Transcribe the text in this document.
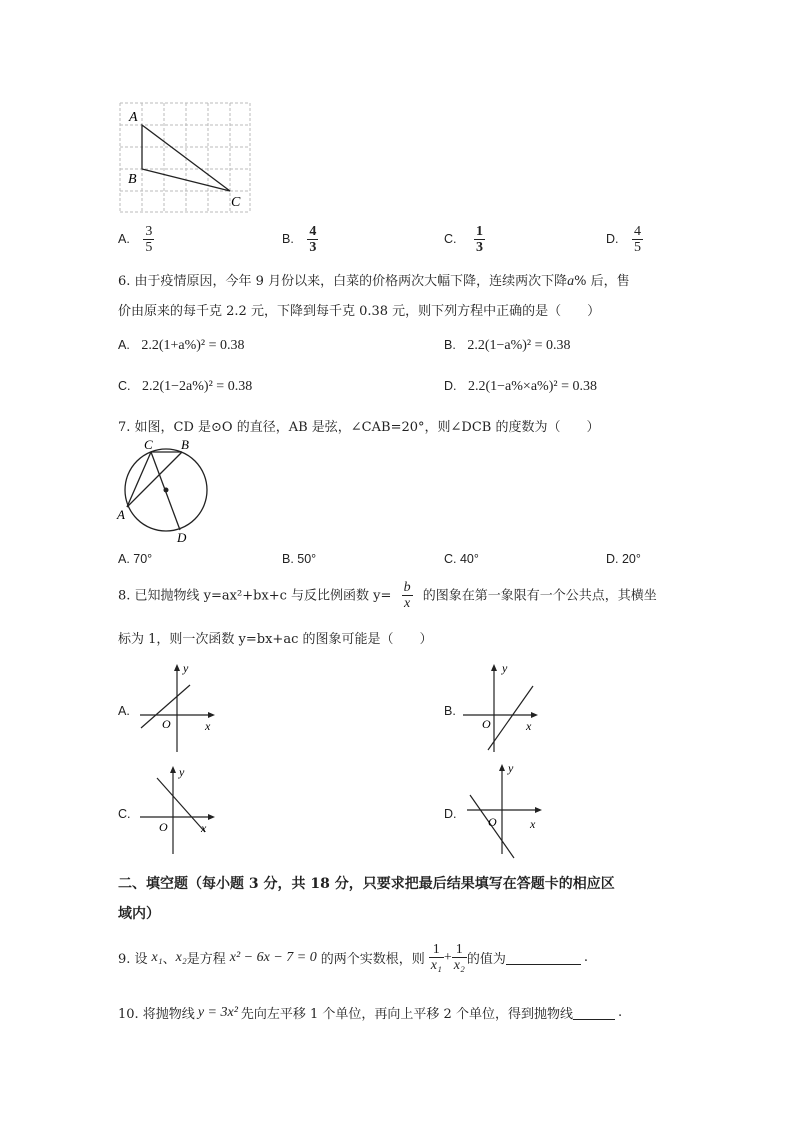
A
B
C
A. $\frac{3}{5}$	B. $\frac{4}{3}$	C. $\frac{1}{3}$	D. $\frac{4}{5}$
6. 由于疫情原因，今年 9 月份以来，白菜的价格两次大幅下降，连续两次下降a% 后，售
价由原来的每千克 2.2 元，下降到每千克 0.38 元，则下列方程中正确的是（　　）
A. 2.2(1+a%)² = 0.38	B. 2.2(1−a%)² = 0.38
C. 2.2(1−2a%)² = 0.38	D. 2.2(1−a%×a%)² = 0.38
7. 如图，CD 是⊙O 的直径，AB 是弦，∠CAB=20°，则∠DCB 的度数为（　　）
C B
A
D
A. 70°	B. 50°	C. 40°	D. 20°
8. 已知抛物线 y=ax²+bx+c 与反比例函数 $y= \frac{b}{x}$ 的图象在第一象限有一个公共点，其横坐
标为 1，则一次函数 y=bx+ac 的图象可能是（　　）
A.
y
x
O
B.
y
x
O
C.
y
x
O
D.
y
x
O
二、填空题（每小题 3 分，共 18 分，只要求把最后结果填写在答题卡的相应区
域内）
9. 设 x₁ 、 x₂ 是方程 x² − 6x − 7 = 0 的两个实数根，则 $\frac{1}{\text{x₁}} + \frac{1}{\text{x₂}}$ 的值为	.
10. 将抛物线 y = 3x² 先向左平移 1 个单位，再向上平移 2 个单位，得到抛物线	.
